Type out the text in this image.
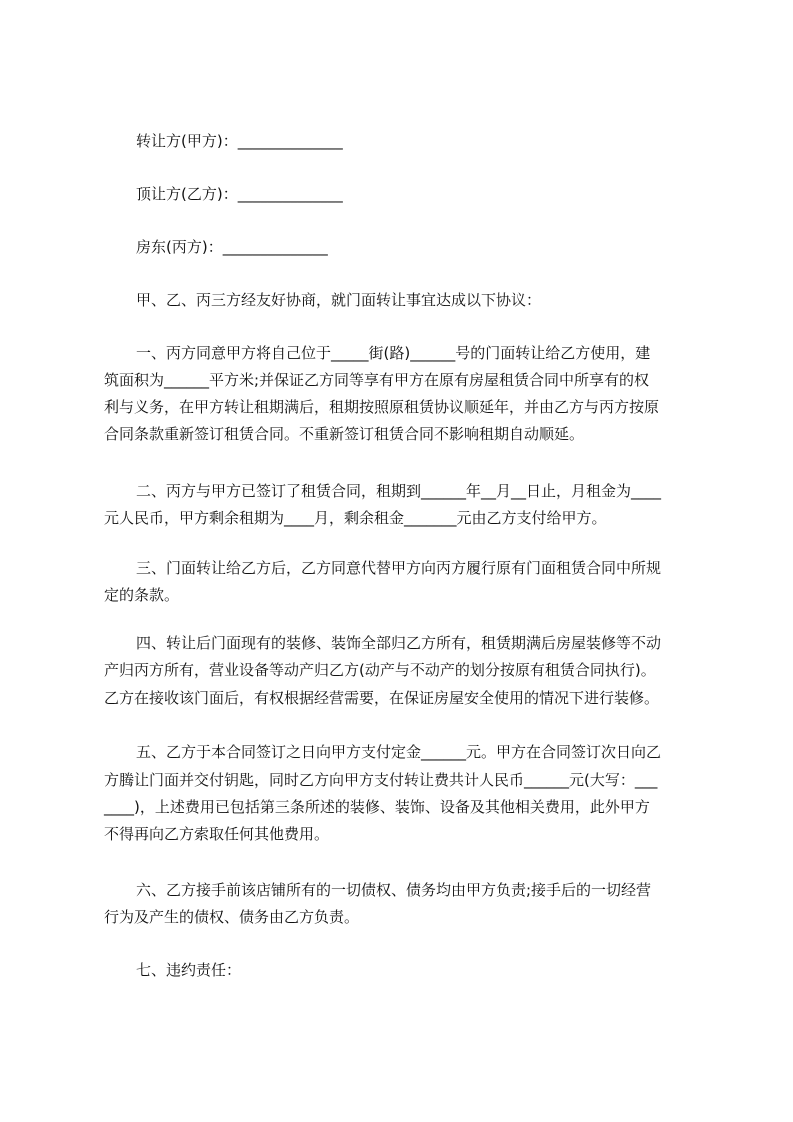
转让方(甲方)：______________
顶让方(乙方)：______________
房东(丙方)：______________
甲、乙、丙三方经友好协商，就门面转让事宜达成以下协议：
一、丙方同意甲方将自己位于_____街(路)______号的门面转让给乙方使用，建
筑面积为______平方米;并保证乙方同等享有甲方在原有房屋租赁合同中所享有的权
利与义务，在甲方转让租期满后，租期按照原租赁协议顺延年，并由乙方与丙方按原
合同条款重新签订租赁合同。不重新签订租赁合同不影响租期自动顺延。
二、丙方与甲方已签订了租赁合同，租期到______年__月__日止，月租金为____
元人民币，甲方剩余租期为____月，剩余租金_______元由乙方支付给甲方。
三、门面转让给乙方后，乙方同意代替甲方向丙方履行原有门面租赁合同中所规
定的条款。
四、转让后门面现有的装修、装饰全部归乙方所有，租赁期满后房屋装修等不动
产归丙方所有，营业设备等动产归乙方(动产与不动产的划分按原有租赁合同执行)。
乙方在接收该门面后，有权根据经营需要，在保证房屋安全使用的情况下进行装修。
五、乙方于本合同签订之日向甲方支付定金______元。甲方在合同签订次日向乙
方腾让门面并交付钥匙，同时乙方向甲方支付转让费共计人民币______元(大写：___
____)，上述费用已包括第三条所述的装修、装饰、设备及其他相关费用，此外甲方
不得再向乙方索取任何其他费用。
六、乙方接手前该店铺所有的一切债权、债务均由甲方负责;接手后的一切经营
行为及产生的债权、债务由乙方负责。
七、违约责任：
